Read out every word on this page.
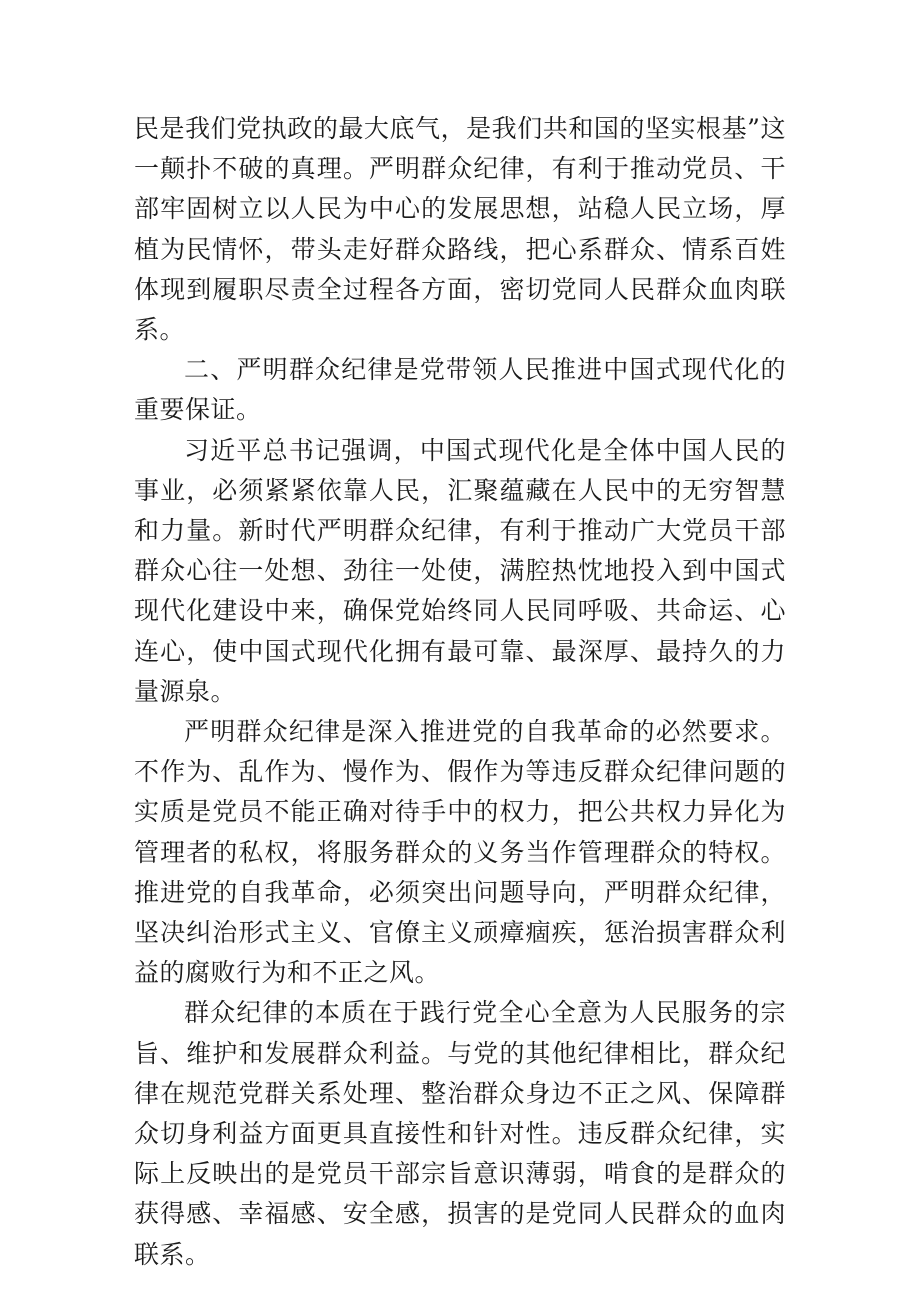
民是我们党执政的最大底气，是我们共和国的坚实根基”这一颠扑不破的真理。严明群众纪律，有利于推动党员、干部牢固树立以人民为中心的发展思想，站稳人民立场，厚植为民情怀，带头走好群众路线，把心系群众、情系百姓体现到履职尽责全过程各方面，密切党同人民群众血肉联系。

二、严明群众纪律是党带领人民推进中国式现代化的重要保证。

习近平总书记强调，中国式现代化是全体中国人民的事业，必须紧紧依靠人民，汇聚蕴藏在人民中的无穷智慧和力量。新时代严明群众纪律，有利于推动广大党员干部群众心往一处想、劲往一处使，满腔热忱地投入到中国式现代化建设中来，确保党始终同人民同呼吸、共命运、心连心，使中国式现代化拥有最可靠、最深厚、最持久的力量源泉。

严明群众纪律是深入推进党的自我革命的必然要求。不作为、乱作为、慢作为、假作为等违反群众纪律问题的实质是党员不能正确对待手中的权力，把公共权力异化为管理者的私权，将服务群众的义务当作管理群众的特权。推进党的自我革命，必须突出问题导向，严明群众纪律，坚决纠治形式主义、官僚主义顽瘴痼疾，惩治损害群众利益的腐败行为和不正之风。

群众纪律的本质在于践行党全心全意为人民服务的宗旨、维护和发展群众利益。与党的其他纪律相比，群众纪律在规范党群关系处理、整治群众身边不正之风、保障群众切身利益方面更具直接性和针对性。违反群众纪律，实际上反映出的是党员干部宗旨意识薄弱，啃食的是群众的获得感、幸福感、安全感，损害的是党同人民群众的血肉联系。
